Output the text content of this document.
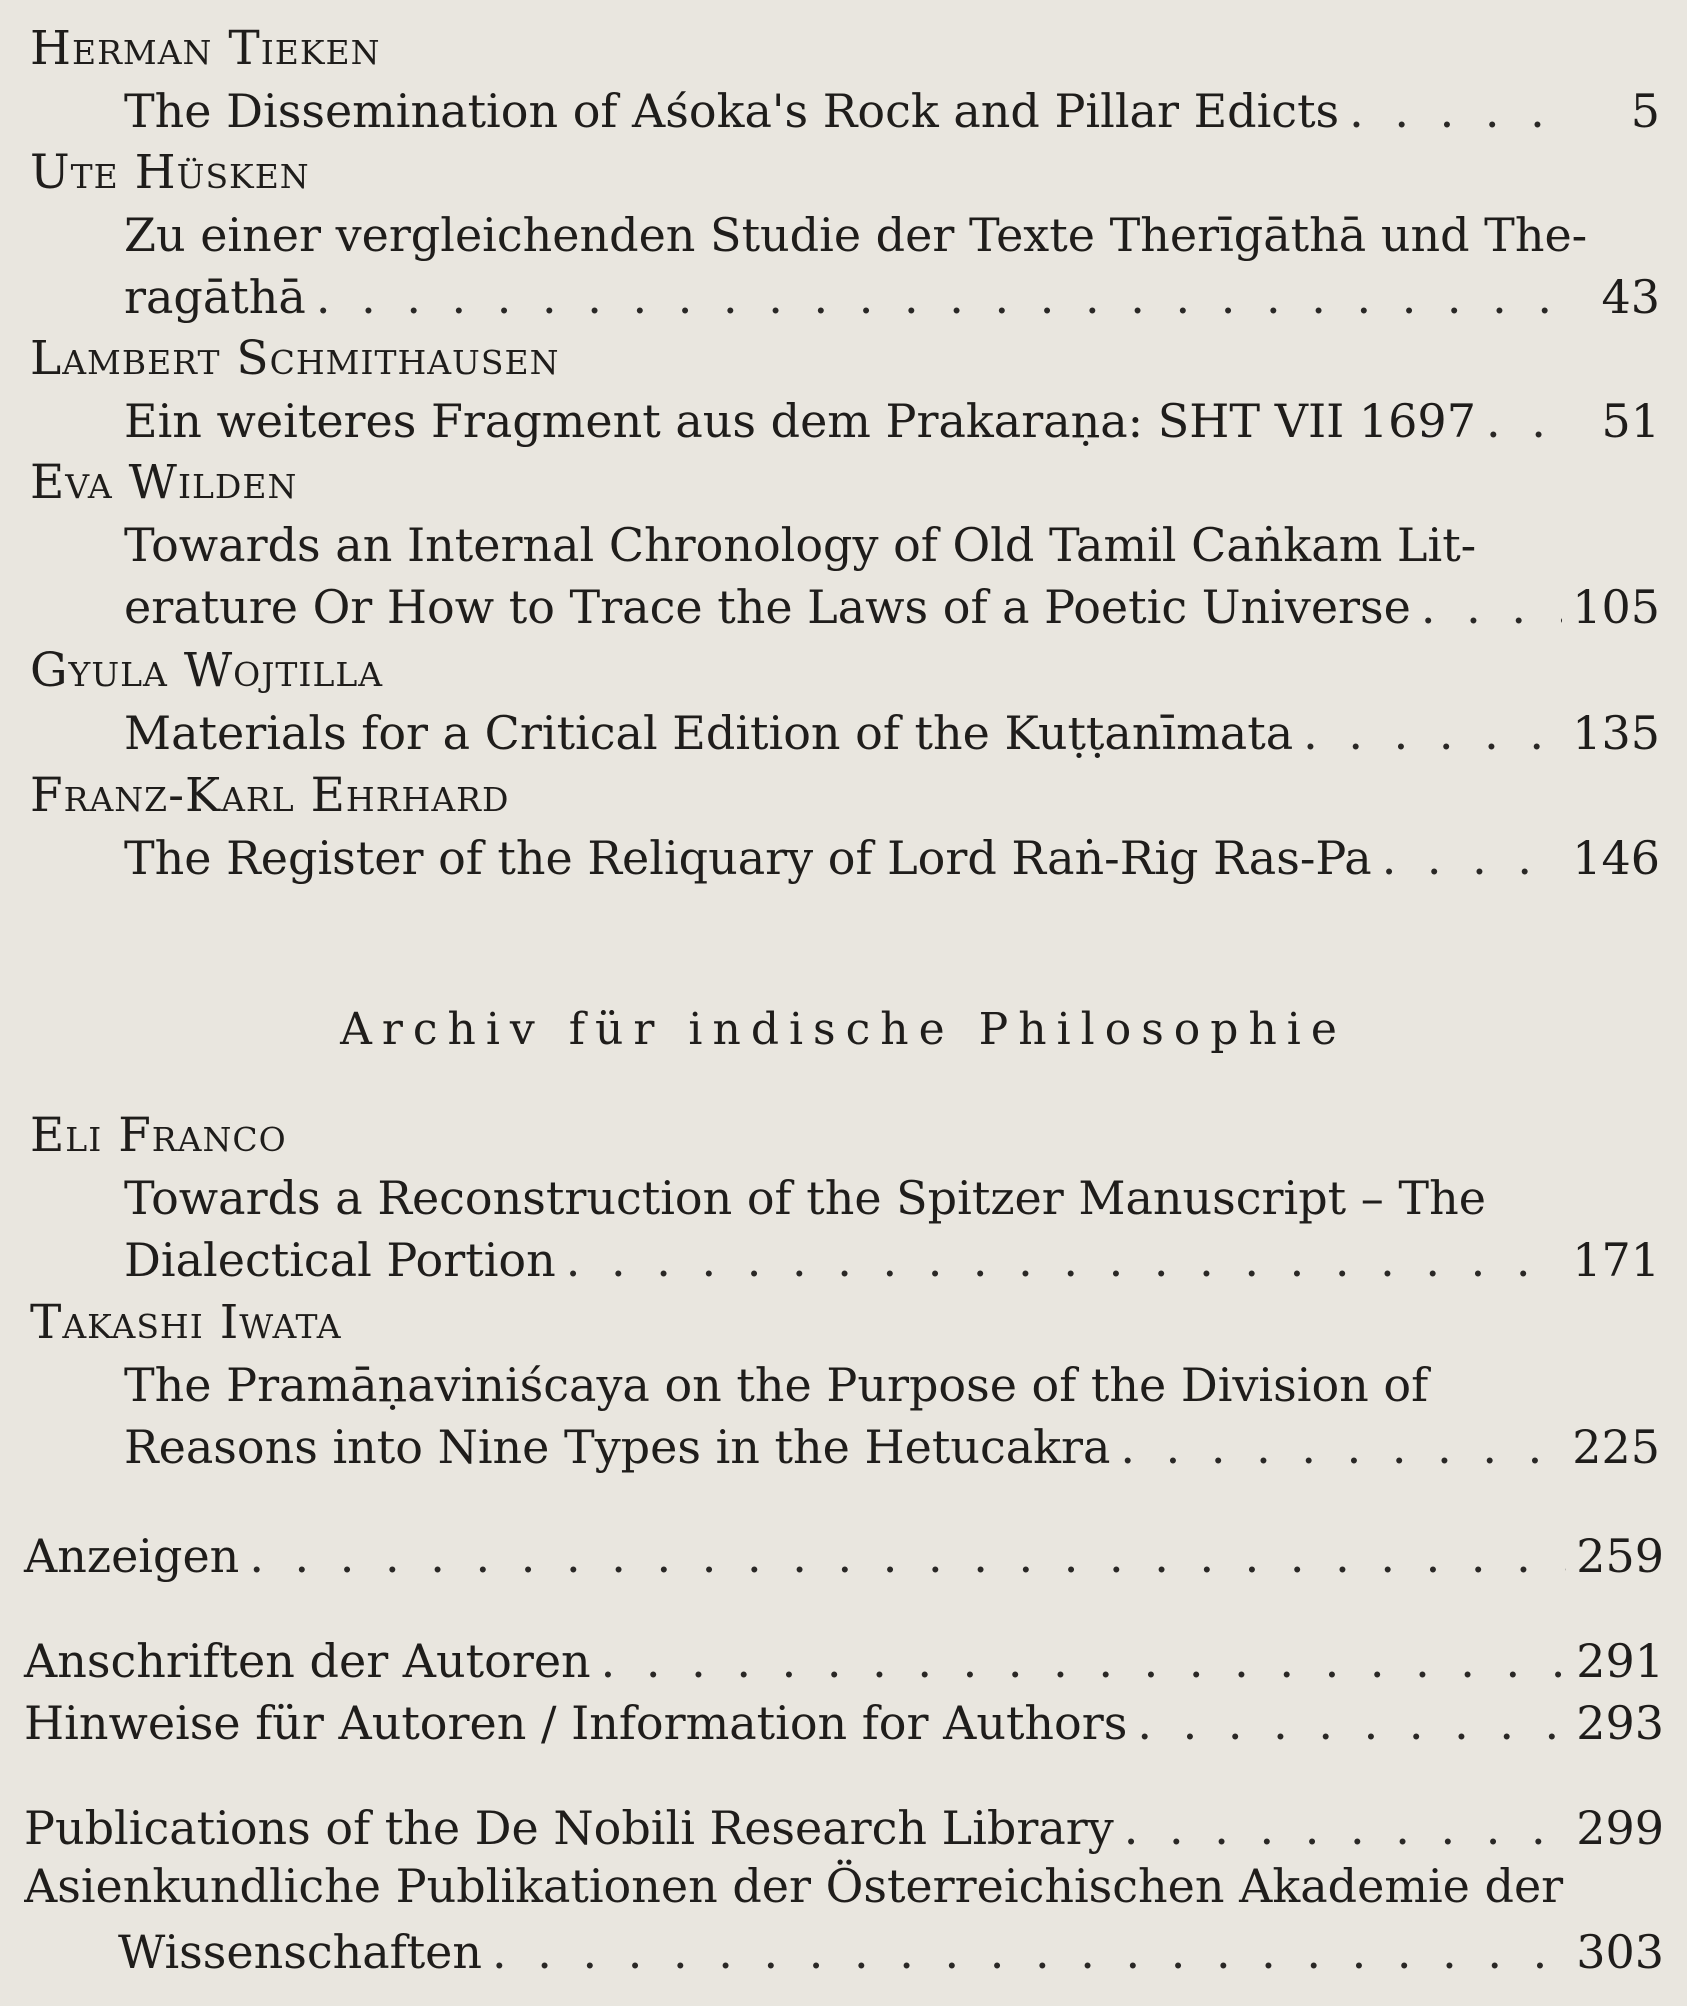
Herman Tieken
The Dissemination of Aśoka's Rock and Pillar Edicts . . .	5
Ute Hüsken
Zu einer vergleichenden Studie der Texte Therīgāthā und The-
ragāthā . . .	43
Lambert Schmithausen
Ein weiteres Fragment aus dem Prakaraṇa: SHT VII 1697 . . .	51
Eva Wilden
Towards an Internal Chronology of Old Tamil Caṅkam Lit-
erature Or How to Trace the Laws of a Poetic Universe . . .	105
Gyula Wojtilla
Materials for a Critical Edition of the Kuṭṭanīmata . . .	135
Franz-Karl Ehrhard
The Register of the Reliquary of Lord Raṅ-Rig Ras-Pa . . .	146
Archiv für indische Philosophie
Eli Franco
Towards a Reconstruction of the Spitzer Manuscript – The
Dialectical Portion . . .	171
Takashi Iwata
The Pramāṇaviniścaya on the Purpose of the Division of
Reasons into Nine Types in the Hetucakra . . .	225
Anzeigen . . .	259
Anschriften der Autoren . . .	291
Hinweise für Autoren / Information for Authors . . .	293
Publications of the De Nobili Research Library . . .	299
Asienkundliche Publikationen der Österreichischen Akademie der
Wissenschaften . . .	303
